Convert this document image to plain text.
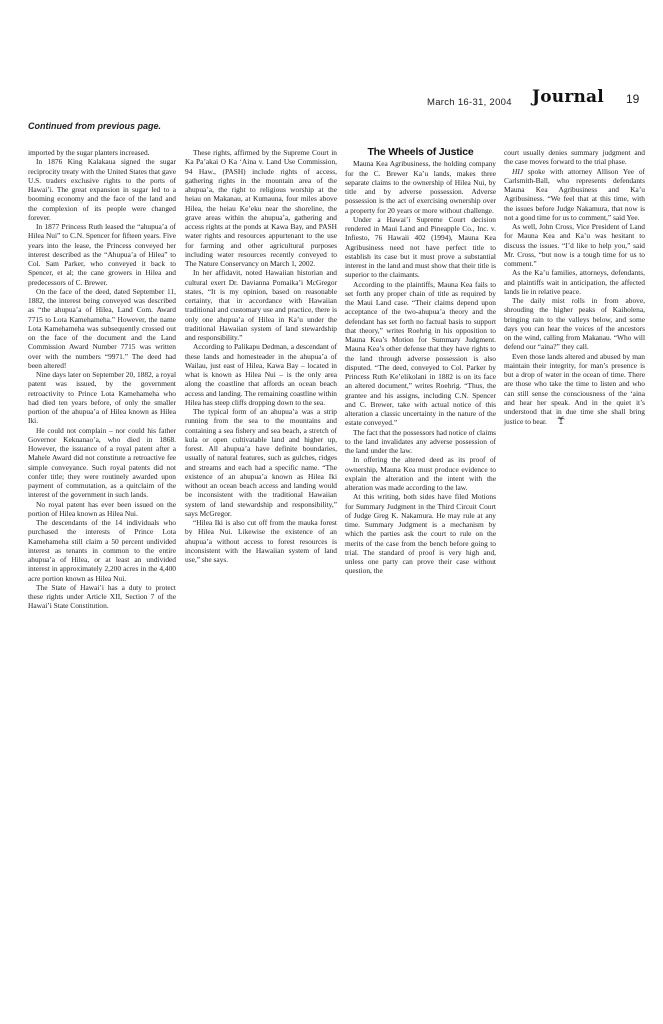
March 16-31, 2004 Journal 19
Continued from previous page.

imported by the sugar planters increased.

In 1876 King Kalakaua signed the sugar reciprocity treaty with the United States that gave U.S. traders exclusive rights to the ports of Hawai’i. The great expansion in sugar led to a booming economy and the face of the land and the complexion of its people were changed forever.

In 1877 Princess Ruth leased the “ahupua’a of Hilea Nui” to C.N. Spencer for fifteen years. Five years into the lease, the Princess conveyed her interest described as the “Ahupua’a of Hilea” to Col. Sam Parker, who conveyed it back to Spencer, et al; the cane growers in Hilea and predecessors of C. Brewer.

On the face of the deed, dated September 11, 1882, the interest being conveyed was described as “the ahupua’a of Hilea, Land Com. Award 7715 to Lota Kamehameha.” However, the name Lota Kamehameha was subsequently crossed out on the face of the document and the Land Commission Award Number 7715 was written over with the numbers “9971.” The deed had been altered!

Nine days later on September 20, 1882, a royal patent was issued, by the government retroactivity to Prince Lota Kamehameha who had died ten years before, of only the smaller portion of the ahupua’a of Hilea known as Hilea Iki.

He could not complain – nor could his father Governor Kekuanao’a, who died in 1868. However, the issuance of a royal patent after a Mahele Award did not constitute a retroactive fee simple conveyance. Such royal patents did not confer title; they were routinely awarded upon payment of commutation, as a quitclaim of the interest of the government in such lands.

No royal patent has ever been issued on the portion of Hilea known as Hilea Nui.

The descendants of the 14 individuals who purchased the interests of Prince Lota Kamehameha still claim a 50 percent undivided interest as tenants in common to the entire ahupua’a of Hilea, or at least an undivided interest in approximately 2,200 acres in the 4,400 acre portion known as Hilea Nui.

The State of Hawai’i has a duty to protect these rights under Article XII, Section 7 of the Hawai’i State Constitution.

These rights, affirmed by the Supreme Court in Ka Pa’akai O Ka ‘Aina v. Land Use Commission, 94 Haw., (PASH) include rights of access, gathering rights in the mountain area of the ahupua’a, the right to religious worship at the heiau on Makanau, at Kumauna, four miles above Hilea, the heiau Ke’eku near the shoreline, the grave areas within the ahupua’a, gathering and access rights at the ponds at Kawa Bay, and PASH water rights and resources appurtenant to the use for farming and other agricultural purposes including water resources recently conveyed to The Nature Conservancy on March 1, 2002.

In her affidavit, noted Hawaiian historian and cultural exert Dr. Davianna Pomaika’i McGregor states, “It is my opinion, based on reasonable certainty, that in accordance with Hawaiian traditional and customary use and practice, there is only one ahupua’a of Hilea in Ka’u under the traditional Hawaiian system of land stewardship and responsibility.”

According to Palikapu Dedman, a descendant of these lands and homesteader in the ahupua’a of Wailau, just east of Hilea, Kawa Bay – located in what is known as Hilea Nui – is the only area along the coastline that affords an ocean beach access and landing. The remaining coastline within Hilea has steep cliffs dropping down to the sea.

The typical form of an ahupua’a was a strip running from the sea to the mountains and containing a sea fishery and sea beach, a stretch of kula or open cultivatable land and higher up, forest. All ahupua’a have definite boundaries, usually of natural features, such as gulches, ridges and streams and each had a specific name. “The existence of an ahupua’a known as Hilea Iki without an ocean beach access and landing would be inconsistent with the traditional Hawaiian system of land stewardship and responsibility,” says McGregor.

“Hilea Iki is also cut off from the mauka forest by Hilea Nui. Likewise the existence of an ahupua’a without access to forest resources is inconsistent with the Hawaiian system of land use,” she says.

The Wheels of Justice

Mauna Kea Agribusiness, the holding company for the C. Brewer Ka’u lands, makes three separate claims to the ownership of Hilea Nui, by title and by adverse possession. Adverse possession is the act of exercising ownership over a property for 20 years or more without challenge.

Under a Hawai’i Supreme Court decision rendered in Maui Land and Pineapple Co., Inc. v. Infiesto, 76 Hawaii 402 (1994), Mauna Kea Agribusiness need not have perfect title to establish its case but it must prove a substantial interest in the land and must show that their title is superior to the claimants.

According to the plaintiffs, Mauna Kea fails to set forth any proper chain of title as required by the Maui Land case. “Their claims depend upon acceptance of the two-ahupua’a theory and the defendant has set forth no factual basis to support that theory,” writes Roehrig in his opposition to Mauna Kea’s Motion for Summary Judgment. Mauna Kea’s other defense that they have rights to the land through adverse possession is also disputed. “The deed, conveyed to Col. Parker by Princess Ruth Ke’elikolani in 1882 is on its face an altered document,” writes Roehrig. “Thus, the grantee and his assigns, including C.N. Spencer and C. Brewer, take with actual notice of this alteration a classic uncertainty in the nature of the estate conveyed.”

The fact that the possessors had notice of claims to the land invalidates any adverse possession of the land under the law.

In offering the altered deed as its proof of ownership, Mauna Kea must produce evidence to explain the alteration and the intent with the alteration was made according to the law.

At this writing, both sides have filed Motions for Summary Judgment in the Third Circuit Court of Judge Greg K. Nakamura. He may rule at any time. Summary Judgment is a mechanism by which the parties ask the court to rule on the merits of the case from the bench before going to trial. The standard of proof is very high and, unless one party can prove their case without question, the

court usually denies summary judgment and the case moves forward to the trial phase.

HIJ spoke with attorney Allison Yee of Carlsmith-Ball, who represents defendants Mauna Kea Agribusiness and Ka’u Agribusiness. “We feel that at this time, with the issues before Judge Nakamura, that now is not a good time for us to comment,” said Yee.

As well, John Cross, Vice President of Land for Mauna Kea and Ka’u was hesitant to discuss the issues. “I’d like to help you,” said Mr. Cross, “but now is a tough time for us to comment.”

As the Ka’u families, attorneys, defendants, and plaintiffs wait in anticipation, the affected lands lie in relative peace.

The daily mist rolls in from above, shrouding the higher peaks of Kaiholena, bringing rain to the valleys below, and some days you can hear the voices of the ancestors on the wind, calling from Makanau. “Who will defend our “aina?” they call.

Even those lands altered and abused by man maintain their integrity, for man’s presence is but a drop of water in the ocean of time. There are those who take the time to listen and who can still sense the consciousness of the ‘aina and hear her speak. And in the quiet it’s understood that in due time she shall bring justice to bear.
